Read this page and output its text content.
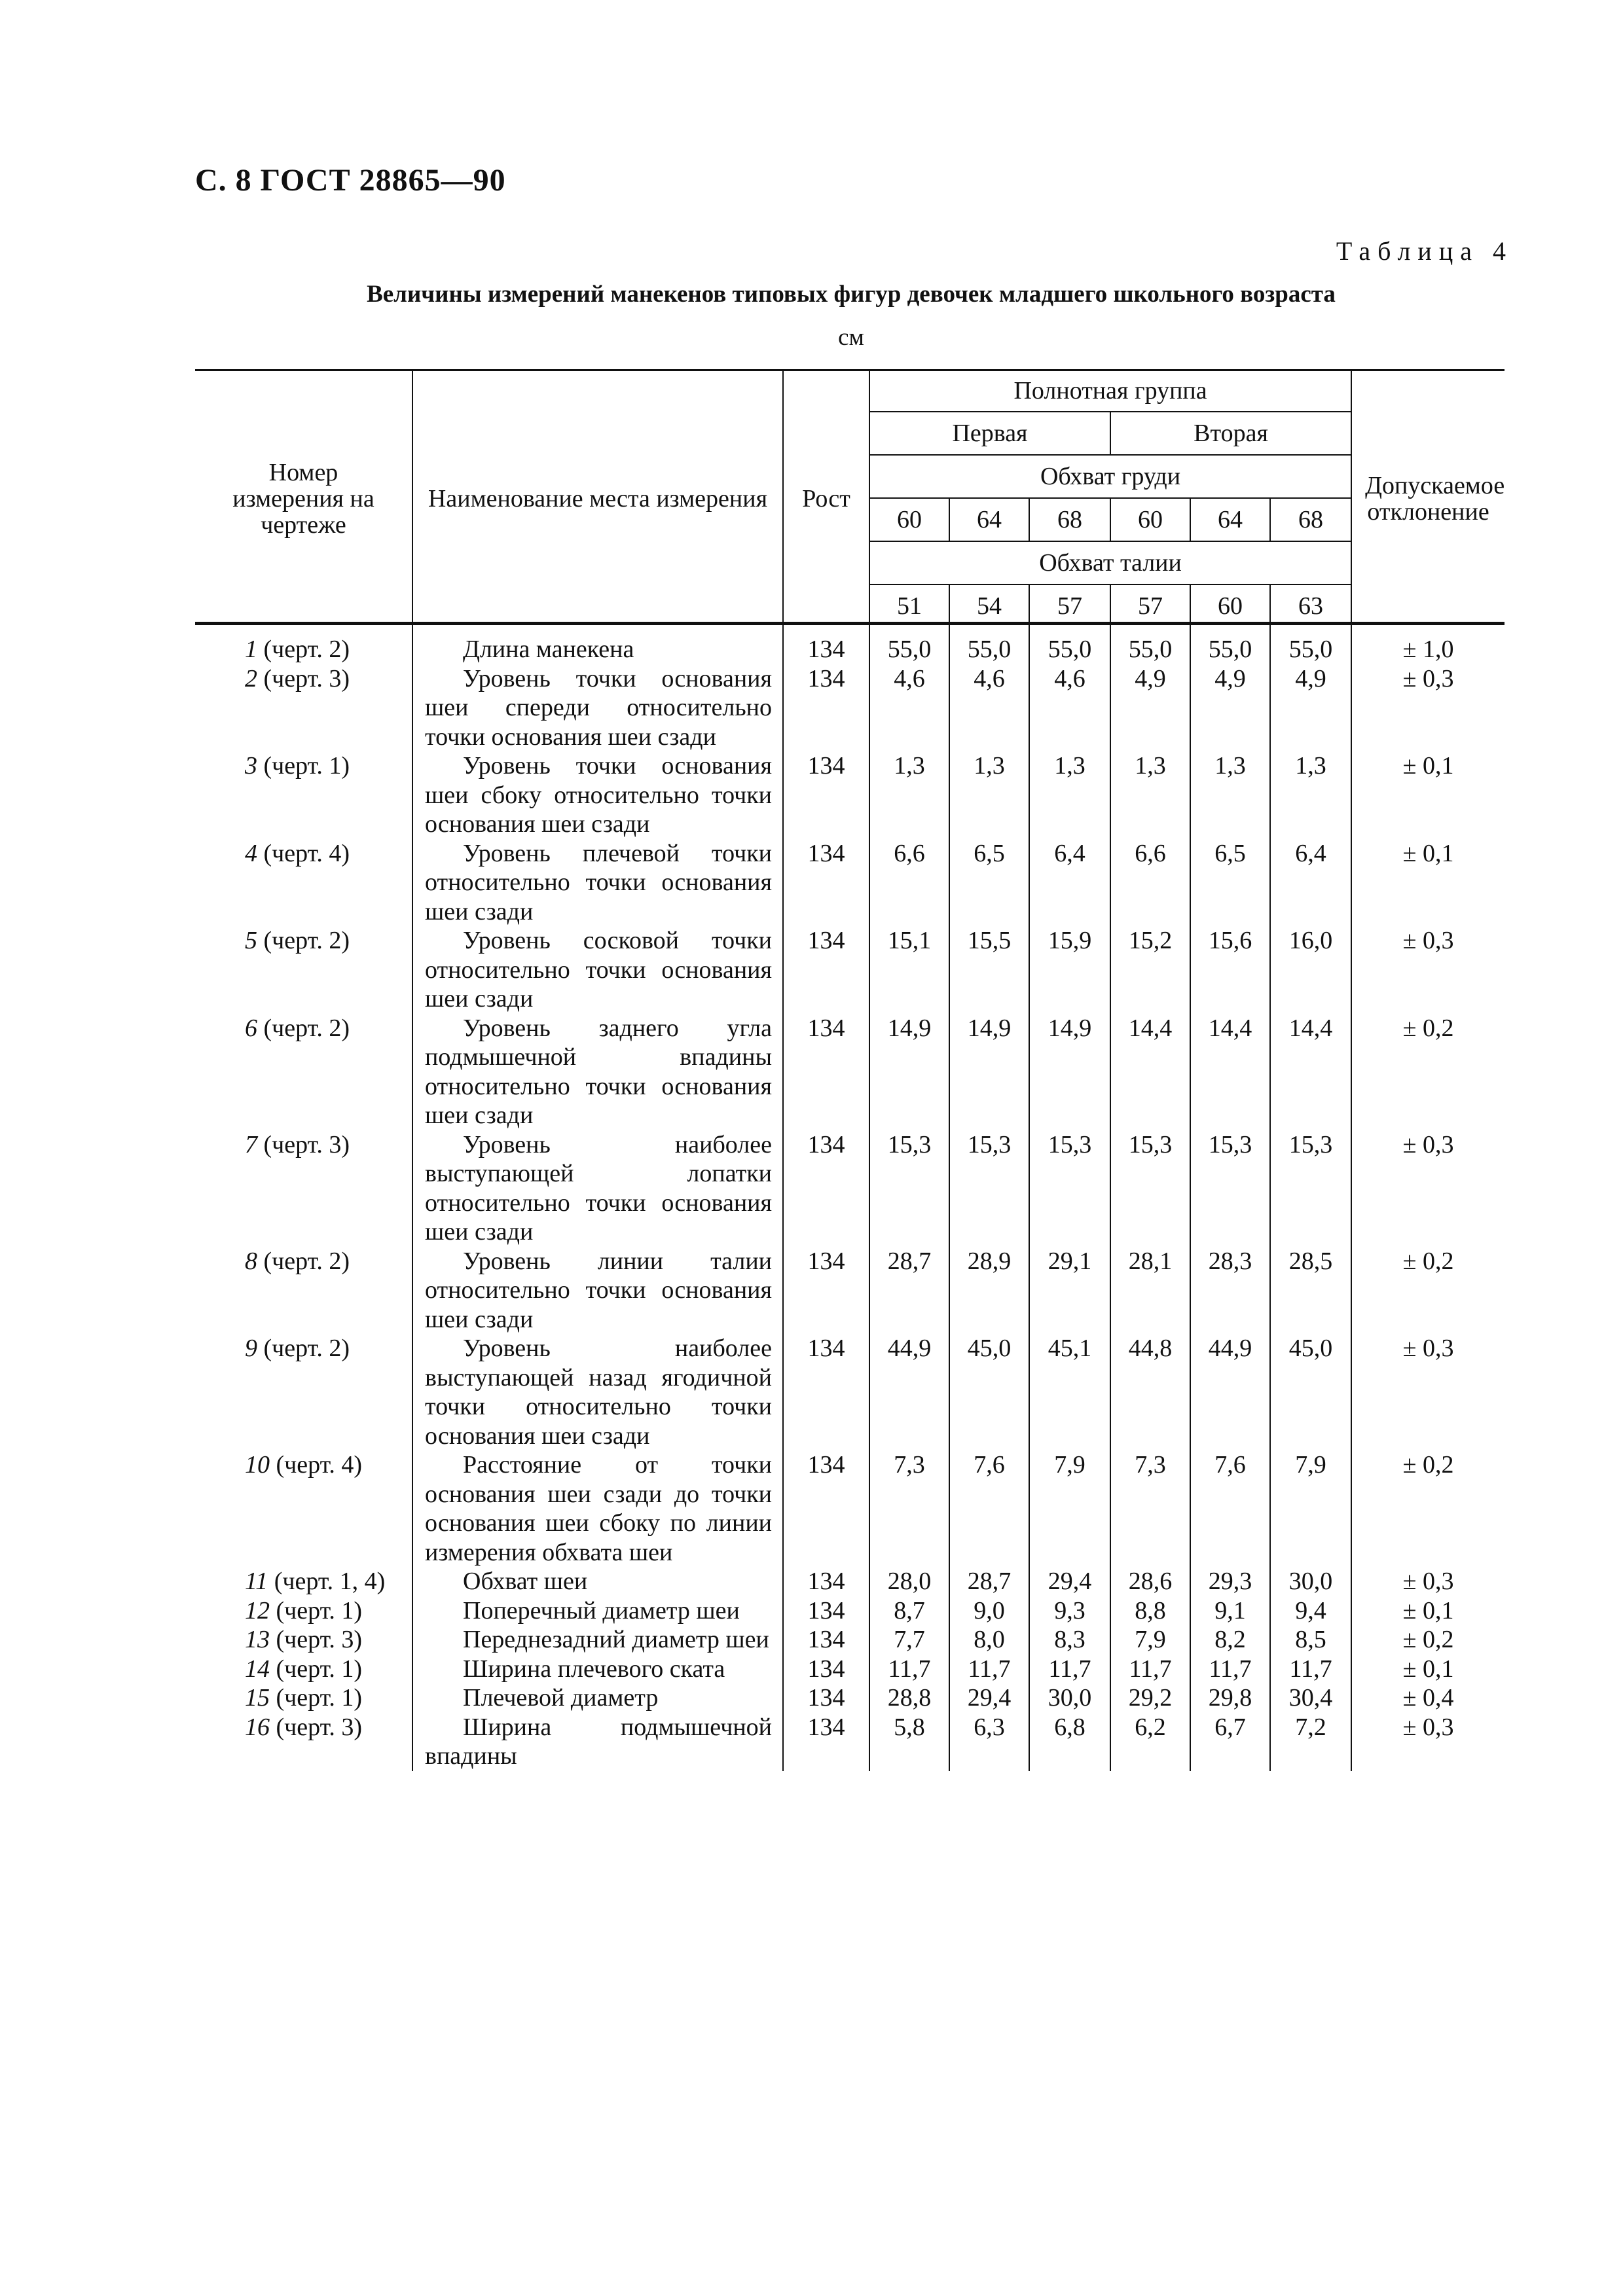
С. 8 ГОСТ 28865—90
Таблица 4
Величины измерений манекенов типовых фигур девочек младшего школьного возраста
см
Номер измерения на чертеже	Наименование места измерения	Рост	Полнотная группа						Допускаемое отклонение
			Первая			Вторая			
			Обхват груди						
			60	64	68	60	64	68	
			Обхват талии						
			51	54	57	57	60	63	
1 (черт. 2)	Длина манекена	134	55,0	55,0	55,0	55,0	55,0	55,0	± 1,0
2 (черт. 3)	Уровень точки основания шеи спереди относительно точки основания шеи сзади	134	4,6	4,6	4,6	4,9	4,9	4,9	± 0,3
3 (черт. 1)	Уровень точки основания шеи сбоку относительно точки основания шеи сзади	134	1,3	1,3	1,3	1,3	1,3	1,3	± 0,1
4 (черт. 4)	Уровень плечевой точки относительно точки основания шеи сзади	134	6,6	6,5	6,4	6,6	6,5	6,4	± 0,1
5 (черт. 2)	Уровень сосковой точки относительно точки основания шеи сзади	134	15,1	15,5	15,9	15,2	15,6	16,0	± 0,3
6 (черт. 2)	Уровень заднего угла подмышечной впадины относительно точки основания шеи сзади	134	14,9	14,9	14,9	14,4	14,4	14,4	± 0,2
7 (черт. 3)	Уровень наиболее выступающей лопатки относительно точки основания шеи сзади	134	15,3	15,3	15,3	15,3	15,3	15,3	± 0,3
8 (черт. 2)	Уровень линии талии относительно точки основания шеи сзади	134	28,7	28,9	29,1	28,1	28,3	28,5	± 0,2
9 (черт. 2)	Уровень наиболее выступающей назад ягодичной точки относительно точки основания шеи сзади	134	44,9	45,0	45,1	44,8	44,9	45,0	± 0,3
10 (черт. 4)	Расстояние от точки основания шеи сзади до точки основания шеи сбоку по линии измерения обхвата шеи	134	7,3	7,6	7,9	7,3	7,6	7,9	± 0,2
11 (черт. 1, 4)	Обхват шеи	134	28,0	28,7	29,4	28,6	29,3	30,0	± 0,3
12 (черт. 1)	Поперечный диаметр шеи	134	8,7	9,0	9,3	8,8	9,1	9,4	± 0,1
13 (черт. 3)	Переднезадний диаметр шеи	134	7,7	8,0	8,3	7,9	8,2	8,5	± 0,2
14 (черт. 1)	Ширина плечевого ската	134	11,7	11,7	11,7	11,7	11,7	11,7	± 0,1
15 (черт. 1)	Плечевой диаметр	134	28,8	29,4	30,0	29,2	29,8	30,4	± 0,4
16 (черт. 3)	Ширина подмышечной впадины	134	5,8	6,3	6,8	6,2	6,7	7,2	± 0,3
